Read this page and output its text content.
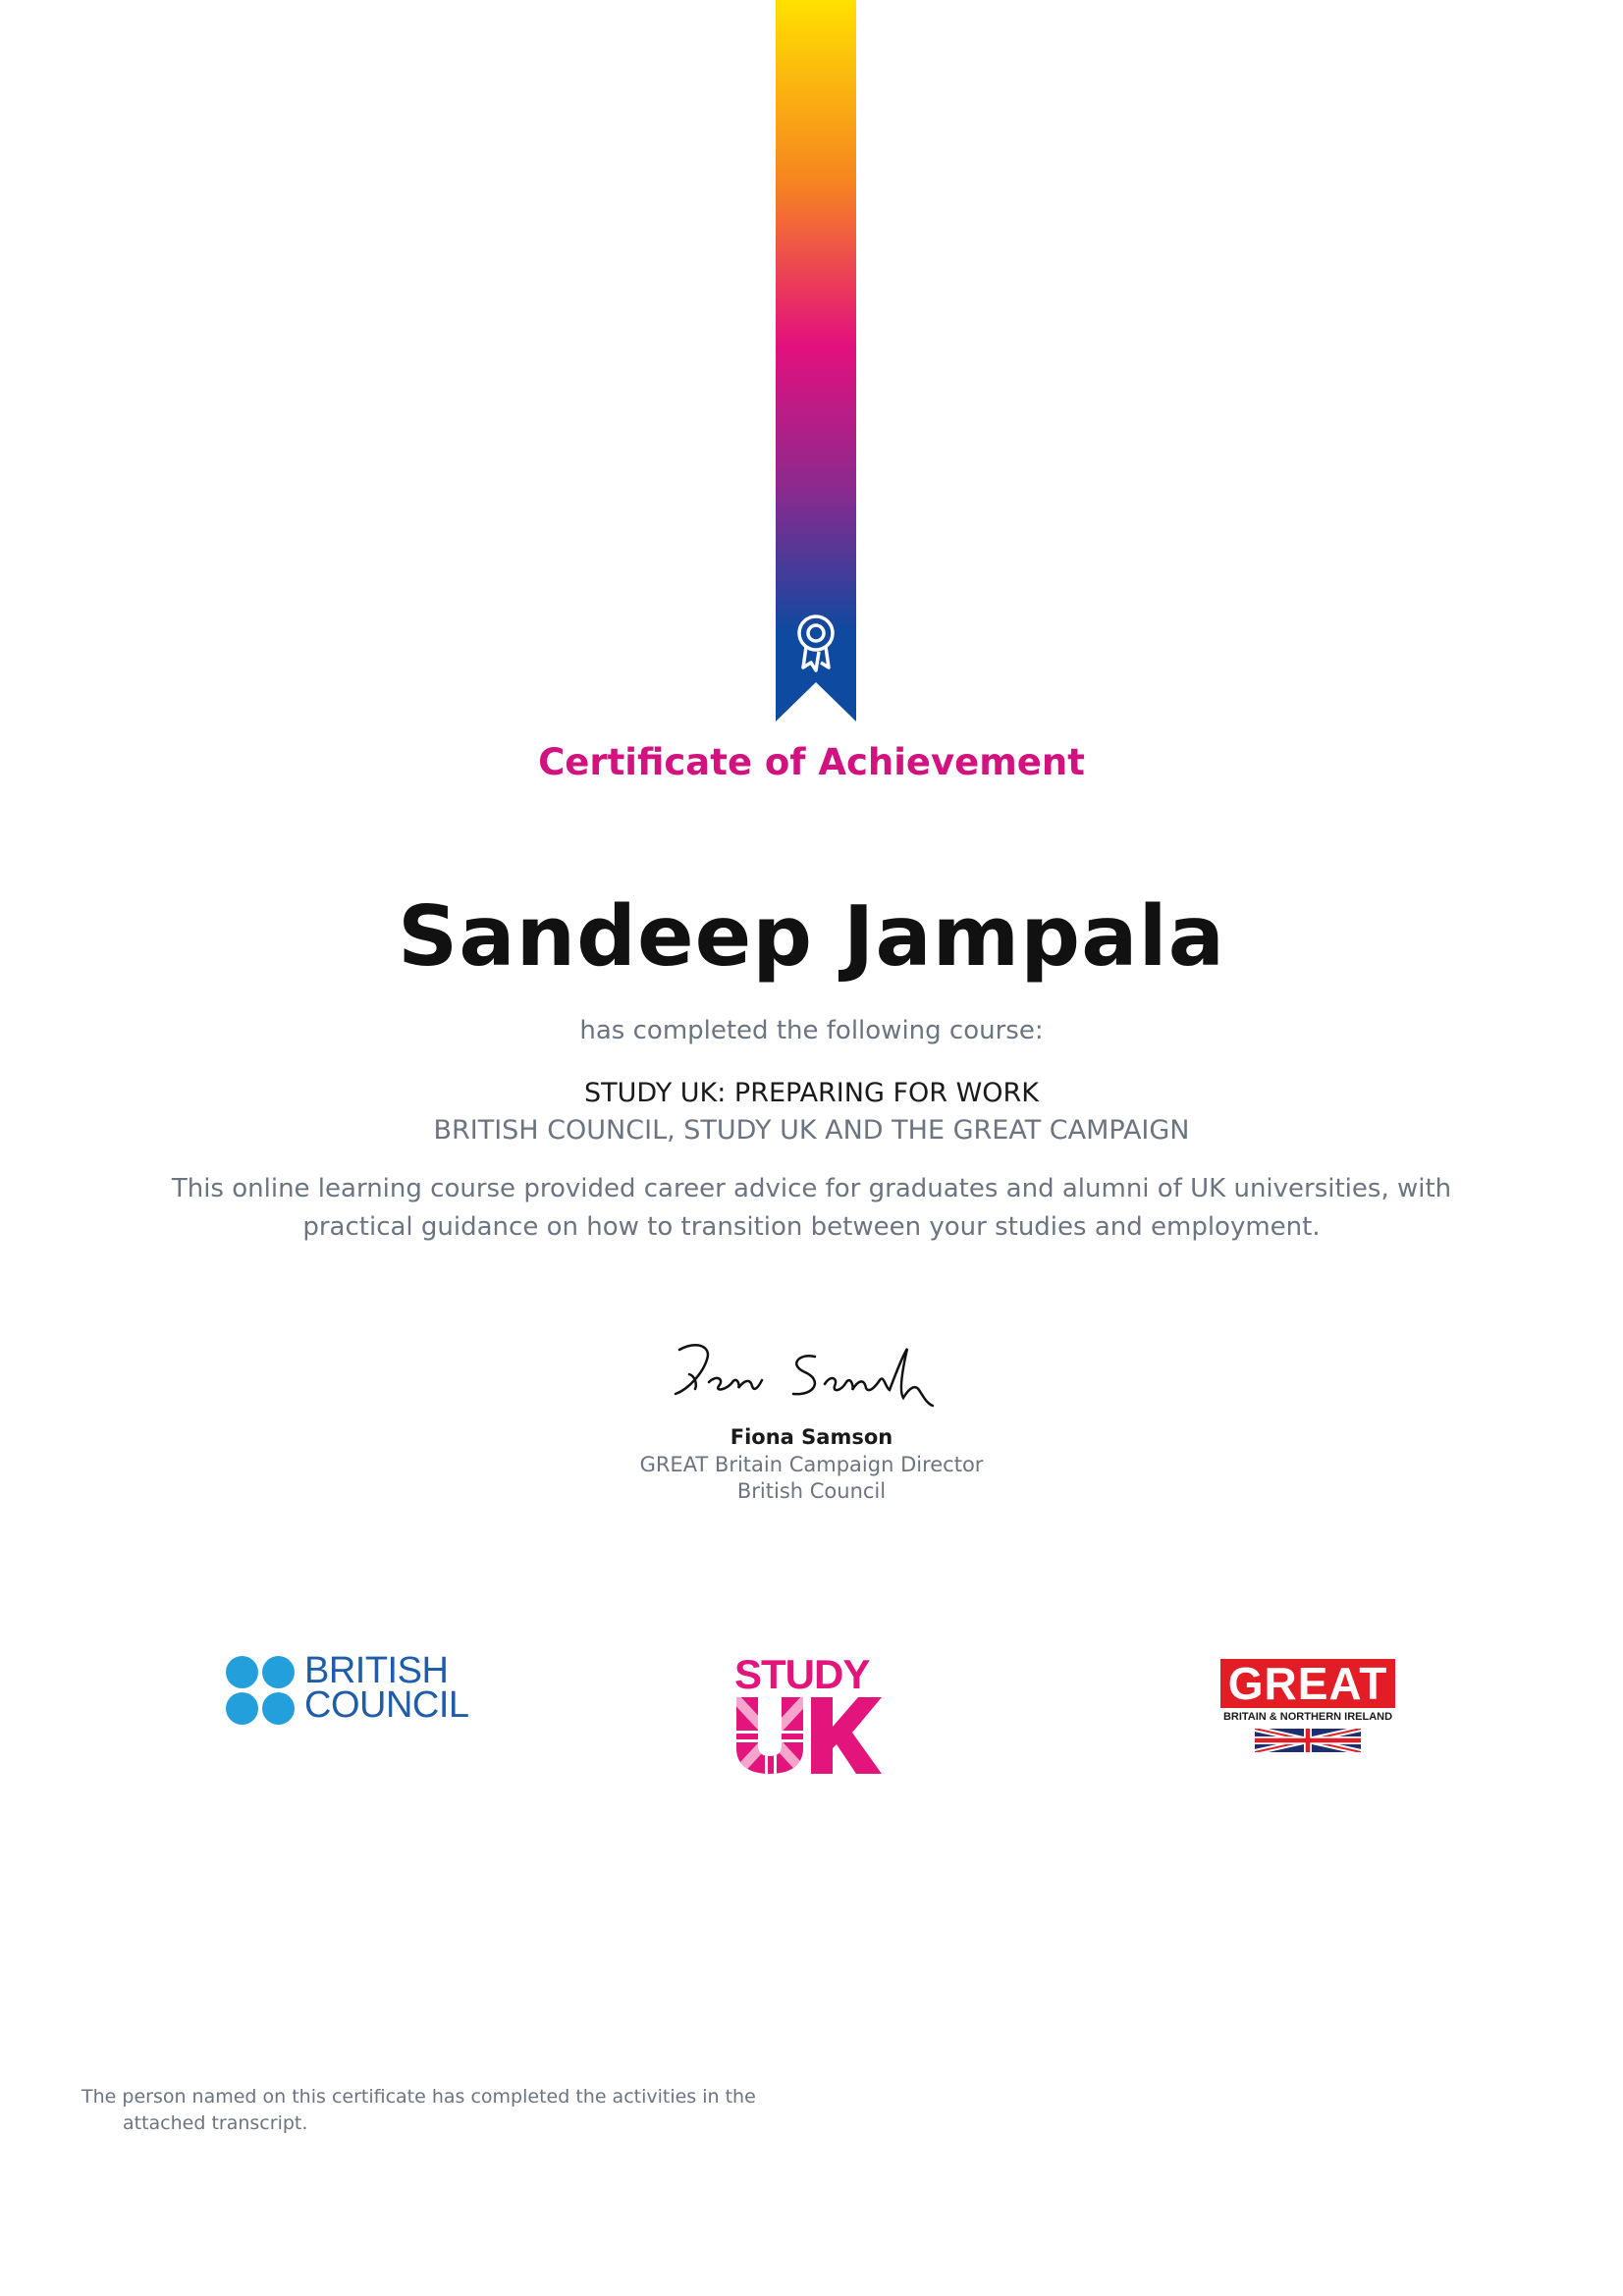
Certificate of Achievement
Sandeep Jampala
has completed the following course:
STUDY UK: PREPARING FOR WORK
BRITISH COUNCIL, STUDY UK AND THE GREAT CAMPAIGN
This online learning course provided career advice for graduates and alumni of UK universities, with
practical guidance on how to transition between your studies and employment.
Fiona Samson
GREAT Britain Campaign Director
British Council
BRITISH
COUNCIL
STUDY	GREAT
BRITAIN & NORTHERN IRELAND
The person named on this certificate has completed the activities in the
attached transcript.
